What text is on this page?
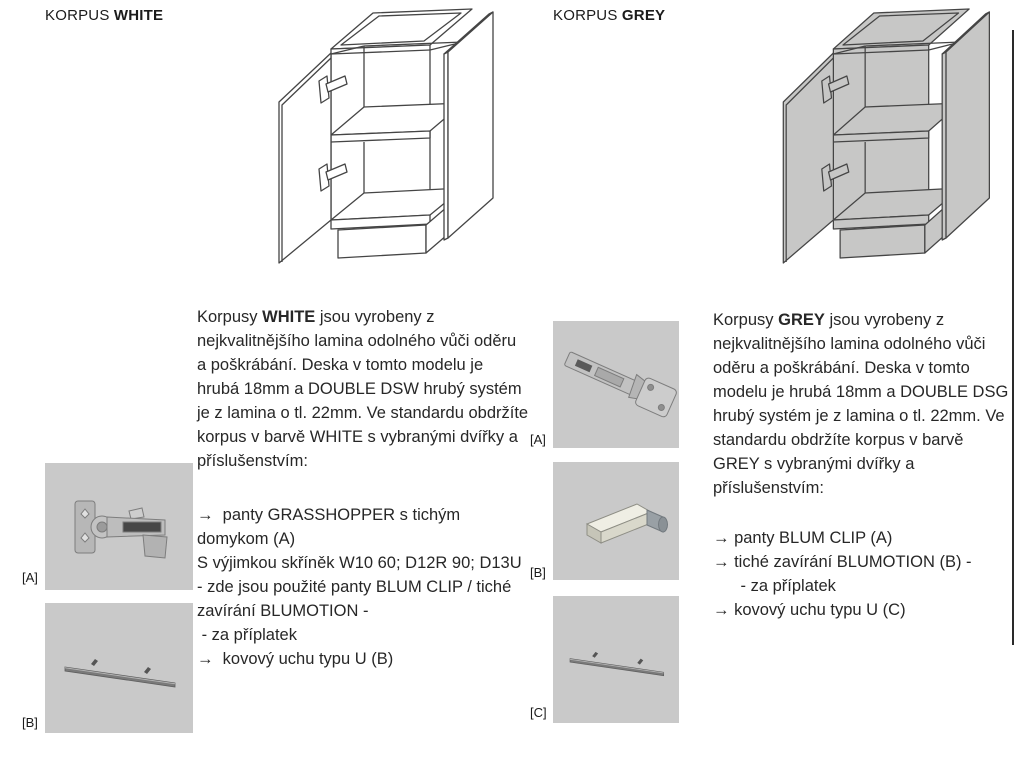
KORPUS WHITE
[A]
[B]

Korpusy WHITE jsou vyrobeny z nejkvalitnějšího lamina odolného vůči oděru a poškrábání. Deska v tomto modelu je hrubá 18mm a DOUBLE DSW hrubý systém je z lamina o tl. 22mm. Ve standardu obdržíte korpus v barvě WHITE s vybranými dvířky a příslušenstvím:

→  panty GRASSHOPPER s tichým domykom (A)
S výjimkou skříněk W10 60; D12R 90; D13U - zde jsou použité panty BLUM CLIP / tiché zavírání BLUMOTION -
- za příplatek
→  kovový uchu typu U (B)
KORPUS GREY
[A]
[B]
[C]

Korpusy GREY jsou vyrobeny z nejkvalitnějšího lamina odolného vůči oděru a poškrábání. Deska v tomto modelu je hrubá 18mm a DOUBLE DSG hrubý systém je z lamina o tl. 22mm. Ve standardu obdržíte korpus v barvě GREY s vybranými dvířky a příslušenstvím:

→ panty BLUM CLIP (A)
→ tiché zavírání BLUMOTION (B) -
- za příplatek
→ kovový uchu typu U (C)
